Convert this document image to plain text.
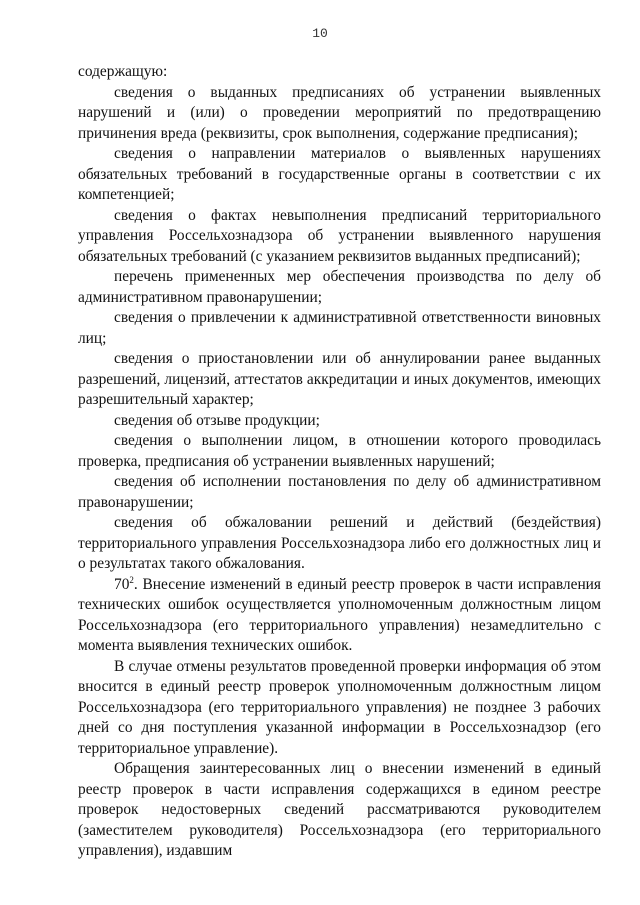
10

содержащую:

сведения о выданных предписаниях об устранении выявленных нарушений и (или) о проведении мероприятий по предотвращению причинения вреда (реквизиты, срок выполнения, содержание предписания);

сведения о направлении материалов о выявленных нарушениях обязательных требований в государственные органы в соответствии с их компетенцией;

сведения о фактах невыполнения предписаний территориального управления Россельхознадзора об устранении выявленного нарушения обязательных требований (с указанием реквизитов выданных предписаний);

перечень примененных мер обеспечения производства по делу об административном правонарушении;

сведения о привлечении к административной ответственности виновных лиц;

сведения о приостановлении или об аннулировании ранее выданных разрешений, лицензий, аттестатов аккредитации и иных документов, имеющих разрешительный характер;

сведения об отзыве продукции;

сведения о выполнении лицом, в отношении которого проводилась проверка, предписания об устранении выявленных нарушений;

сведения об исполнении постановления по делу об административном правонарушении;

сведения об обжаловании решений и действий (бездействия) территориального управления Россельхознадзора либо его должностных лиц и о результатах такого обжалования.

$70^2$. Внесение изменений в единый реестр проверок в части исправления технических ошибок осуществляется уполномоченным должностным лицом Россельхознадзора (его территориального управления) незамедлительно с момента выявления технических ошибок.

В случае отмены результатов проведенной проверки информация об этом вносится в единый реестр проверок уполномоченным должностным лицом Россельхознадзора (его территориального управления) не позднее 3 рабочих дней со дня поступления указанной информации в Россельхознадзор (его территориальное управление).

Обращения заинтересованных лиц о внесении изменений в единый реестр проверок в части исправления содержащихся в едином реестре проверок недостоверных сведений рассматриваются руководителем (заместителем руководителя) Россельхознадзора (его территориального управления), издавшим
